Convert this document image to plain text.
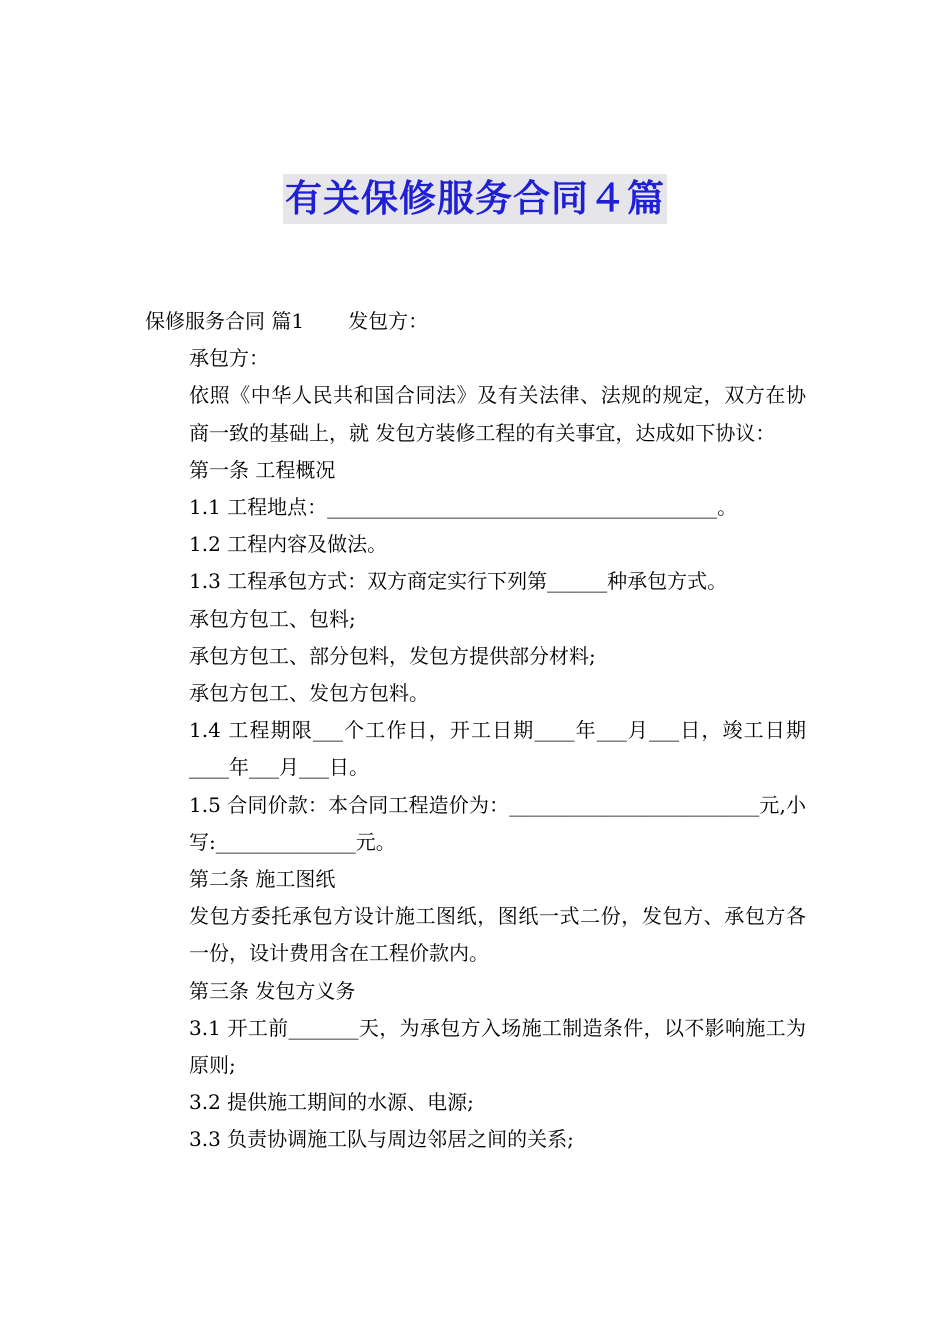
有关保修服务合同４篇

保修服务合同 篇1 发包方：

承包方：

依照《中华人民共和国合同法》及有关法律、法规的规定，双方在协商一致的基础上，就 发包方装修工程的有关事宜，达成如下协议：

第一条 工程概况

1.1 工程地点：_______________________________________。

1.2 工程内容及做法。

1.3 工程承包方式：双方商定实行下列第______种承包方式。

承包方包工、包料;

承包方包工、部分包料，发包方提供部分材料;

承包方包工、发包方包料。

1.4 工程期限___个工作日，开工日期____年___月___日，竣工日期____年___月___日。

1.5 合同价款：本合同工程造价为：_________________________元,小写:______________元。

第二条 施工图纸

发包方委托承包方设计施工图纸，图纸一式二份，发包方、承包方各一份，设计费用含在工程价款内。

第三条 发包方义务

3.1 开工前_______天，为承包方入场施工制造条件，以不影响施工为原则;

3.2 提供施工期间的水源、电源;

3.3 负责协调施工队与周边邻居之间的关系;
